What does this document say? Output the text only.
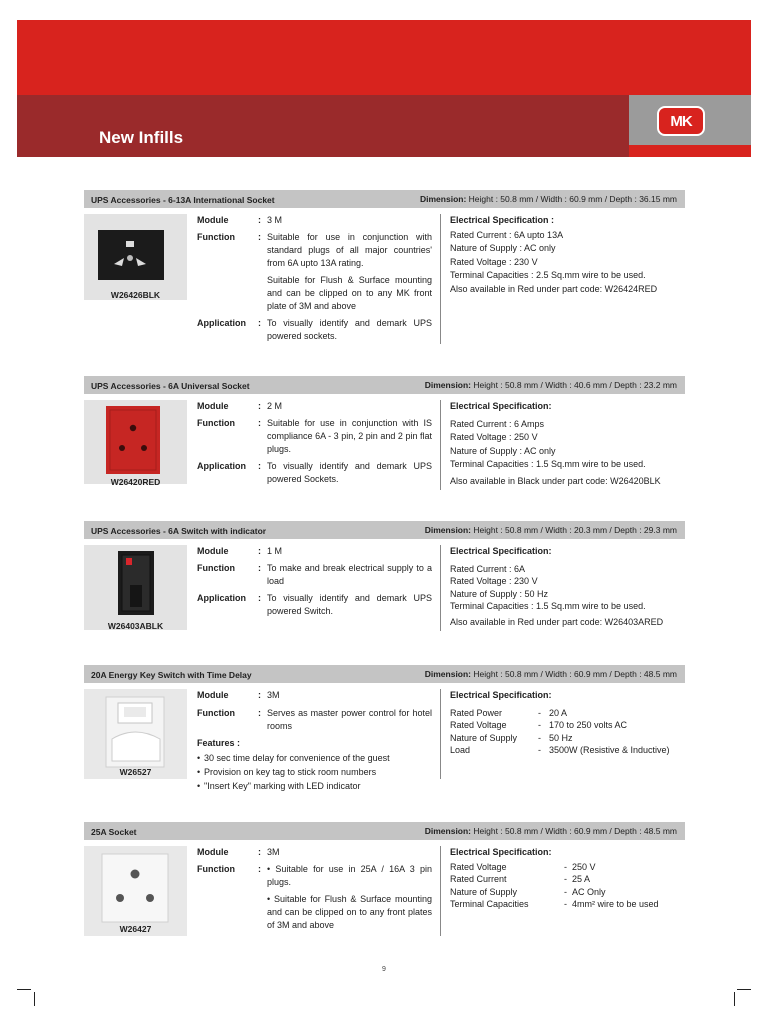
New Infills
MK
UPS Accessories - 6-13A International Socket	Dimension: Height : 50.8 mm / Width : 60.9 mm / Depth : 36.15 mm
W26426BLK
Module	: 3 M
Function	: Suitable for use in conjunction with standard plugs of all major countries' from 6A upto 13A rating.

Suitable for Flush & Surface mounting and can be clipped on to any MK front plate of 3M and above

Application	: To visually identify and demark UPS powered sockets.
Electrical Specification :
Rated Current : 6A upto 13A
Nature of Supply : AC only
Rated Voltage : 230 V
Terminal Capacities : 2.5 Sq.mm wire to be used.
Also available in Red under part code: W26424RED
UPS Accessories - 6A Universal Socket	Dimension: Height : 50.8 mm / Width : 40.6 mm / Depth : 23.2 mm
W26420RED
Module	: 2 M
Function	: Suitable for use in conjunction with IS compliance 6A - 3 pin, 2 pin and 2 pin flat plugs.

Application	: To visually identify and demark UPS powered Sockets.
Electrical Specification:
Rated Current : 6 Amps
Rated Voltage : 250 V
Nature of Supply : AC only
Terminal Capacities : 1.5 Sq.mm wire to be used.
Also available in Black under part code: W26420BLK
UPS Accessories - 6A Switch with indicator	Dimension: Height : 50.8 mm / Width : 20.3 mm / Depth : 29.3 mm
W26403ABLK
Module	: 1 M
Function	: To make and break electrical supply to a load

Application	: To visually identify and demark UPS powered Switch.
Electrical Specification:
Rated Current : 6A
Rated Voltage : 230 V
Nature of Supply : 50 Hz
Terminal Capacities : 1.5 Sq.mm wire to be used.
Also available in Red under part code: W26403ARED
20A Energy Key Switch with Time Delay	Dimension: Height : 50.8 mm / Width : 60.9 mm / Depth : 48.5 mm
W26527
Module	: 3M
Function	: Serves as master power control for hotel rooms

Features :
• 30 sec time delay for convenience of the guest
• Provision on key tag to stick room numbers
• "Insert Key" marking with LED indicator
Electrical Specification:
Rated Power	-	20 A
Rated Voltage	-	170 to 250 volts AC
Nature of Supply	-	50 Hz
Load	-	3500W (Resistive & Inductive)
25A Socket	Dimension: Height : 50.8 mm / Width : 60.9 mm / Depth : 48.5 mm
W26427
Module	: 3M
Function	: • Suitable for use in 25A / 16A 3 pin plugs.

• Suitable for Flush & Surface mounting and can be clipped on to any front plates of 3M and above

Electrical Specification:
Rated Voltage	-	250 V
Rated Current	-	25 A
Nature of Supply	-	AC Only
Terminal Capacities	-	4mm² wire to be used
9
